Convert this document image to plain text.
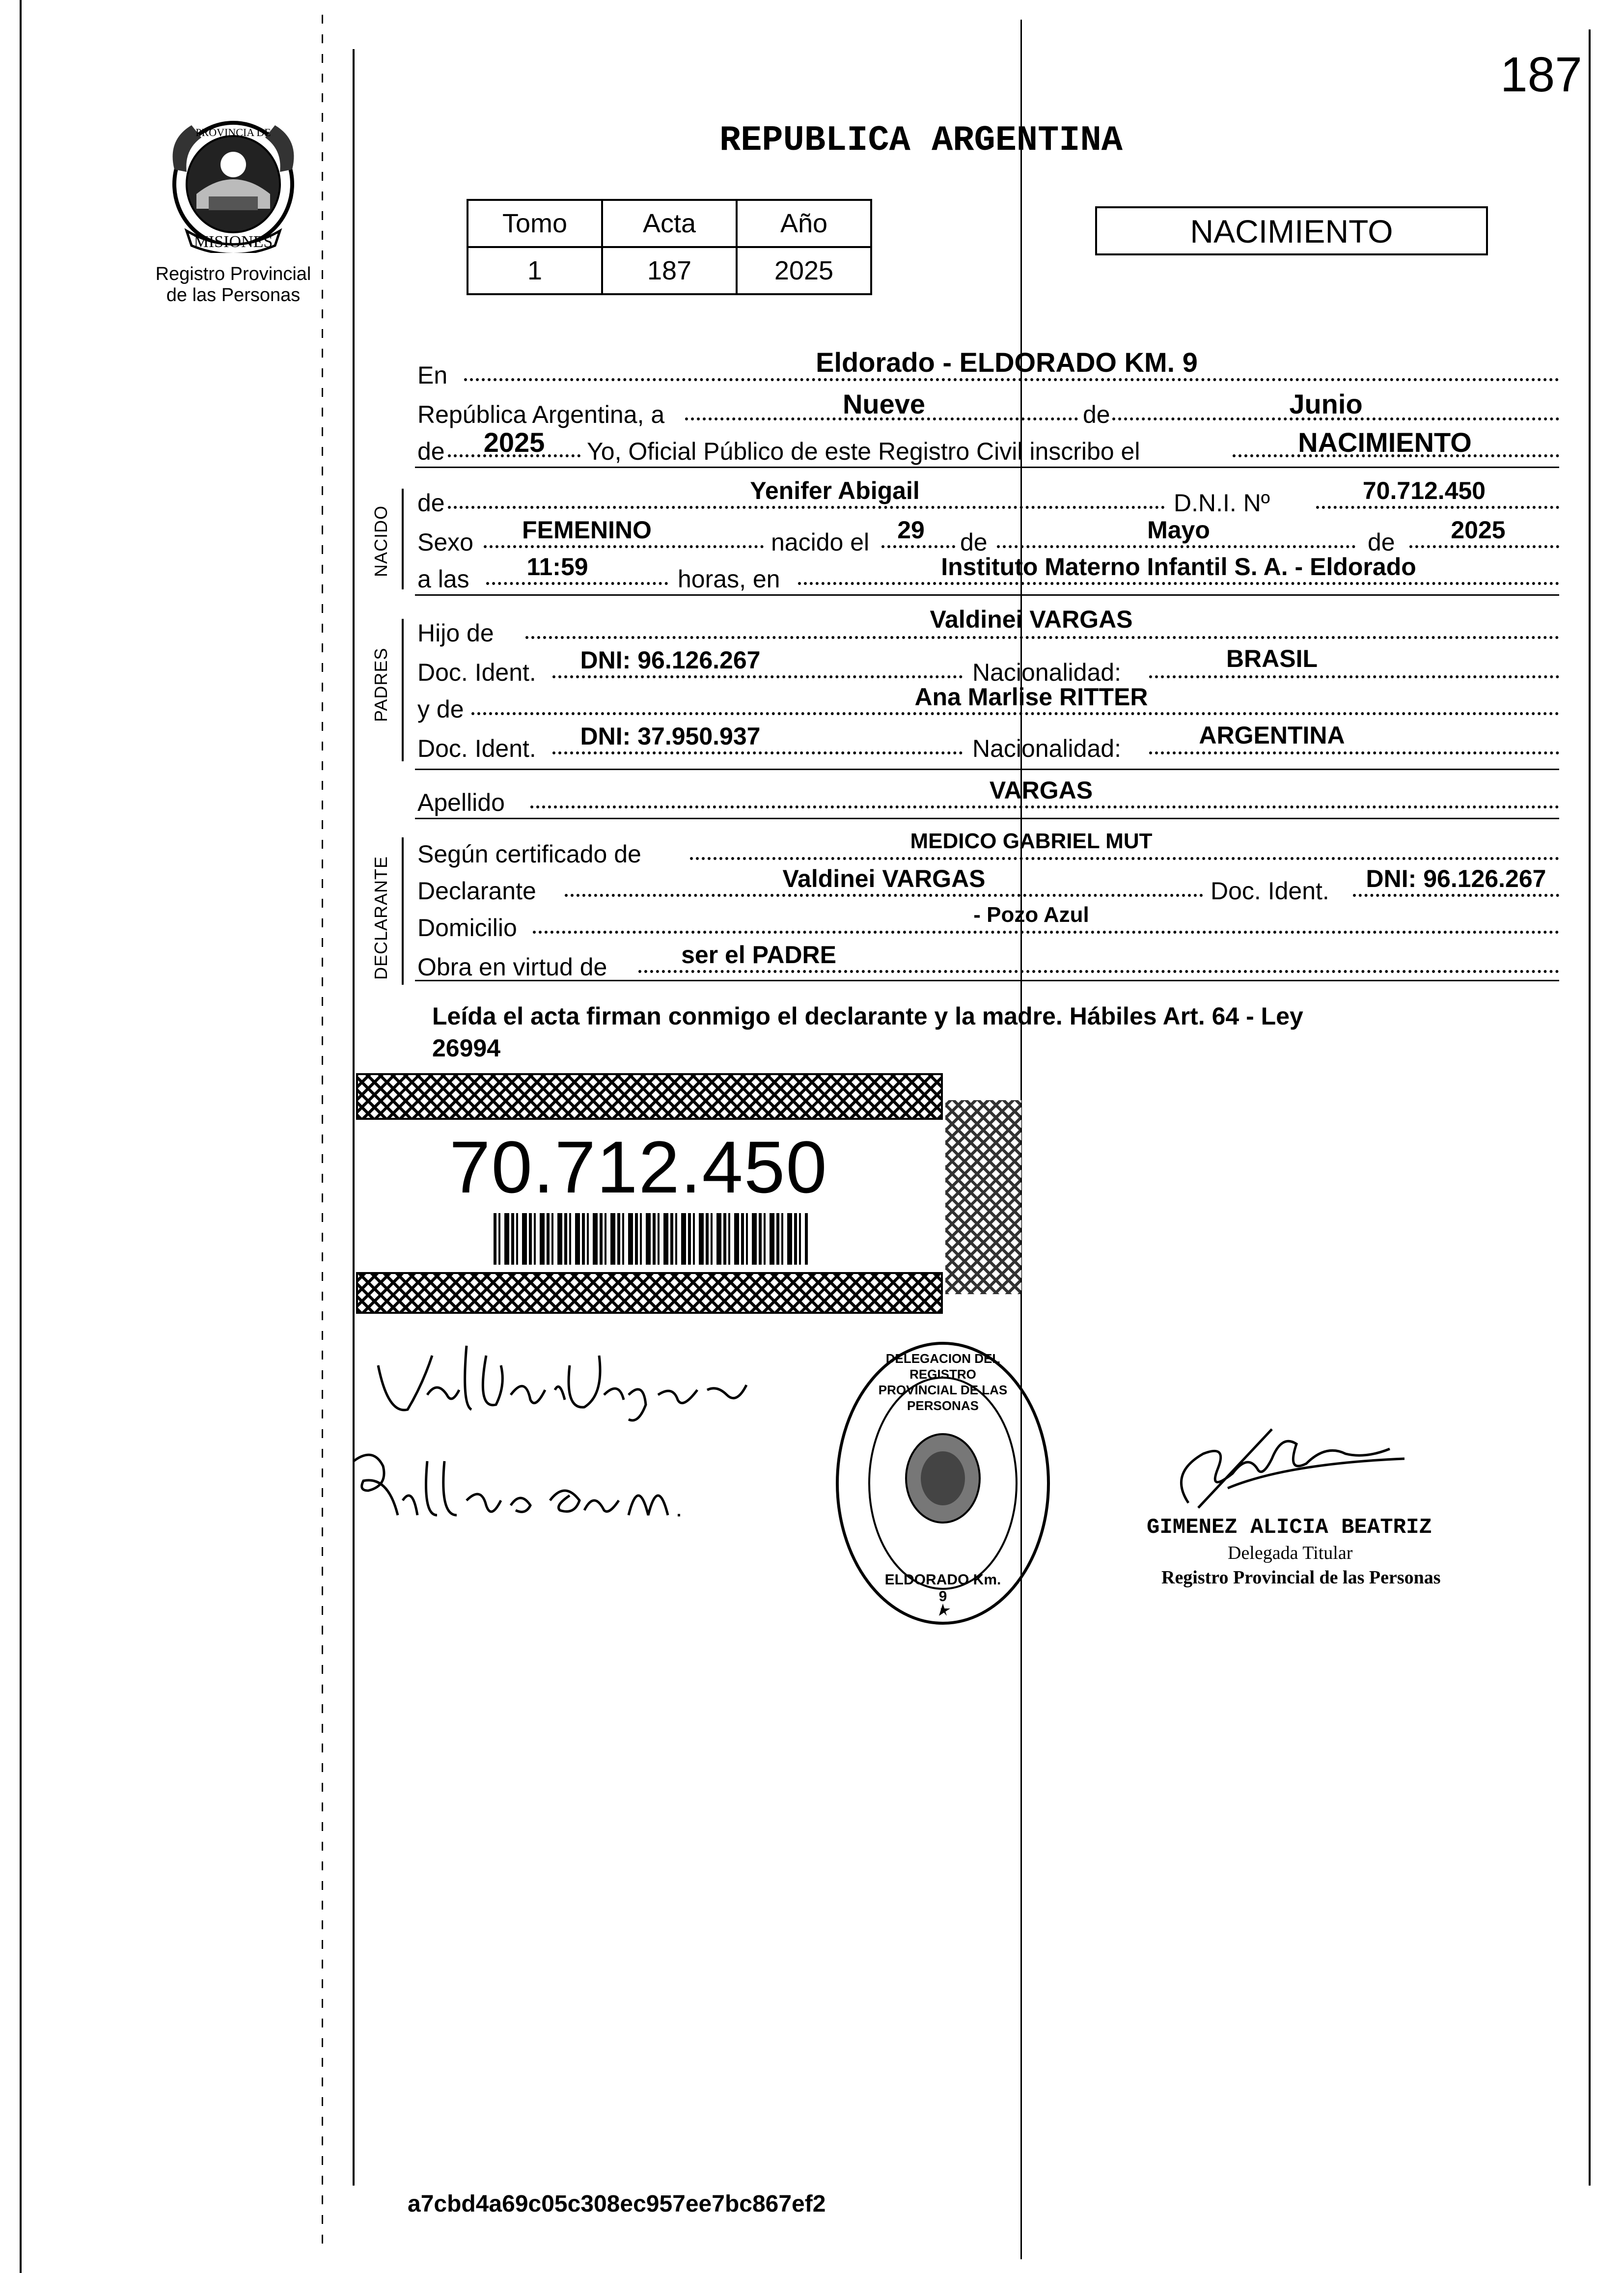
187
MISIONES
PROVINCIA DE
Registro Provincial
de las Personas
REPUBLICA ARGENTINA
Tomo	Acta	Año
1	187	2025
NACIMIENTO
En	Eldorado - ELDORADO KM. 9
República Argentina, a	Nueve	de	Junio
de	2025	Yo, Oficial Público de este Registro Civil inscribo el	NACIMIENTO
NACIDO
de	Yenifer Abigail	D.N.I. Nº	70.712.450
Sexo	FEMENINO	nacido el	29	de	Mayo	de	2025
a las	11:59	horas, en	Instituto Materno Infantil S. A. - Eldorado
PADRES
Hijo de	Valdinei VARGAS
Doc. Ident.	DNI: 96.126.267	Nacionalidad:	BRASIL
y de	Ana Marlise RITTER
Doc. Ident.	DNI: 37.950.937	Nacionalidad:	ARGENTINA
Apellido	VARGAS
DECLARANTE
Según certificado de	MEDICO GABRIEL MUT
Declarante	Valdinei VARGAS	Doc. Ident.	DNI: 96.126.267
Domicilio	- Pozo Azul
Obra en virtud de	ser el PADRE
Leída el acta firman conmigo el declarante y la madre. Hábiles Art. 64 - Ley
26994
70.712.450
DELEGACION DEL REGISTRO PROVINCIAL DE LAS PERSONAS
ELDORADO Km. 9
GIMENEZ ALICIA BEATRIZ
Delegada Titular
Registro Provincial de las Personas
a7cbd4a69c05c308ec957ee7bc867ef2
